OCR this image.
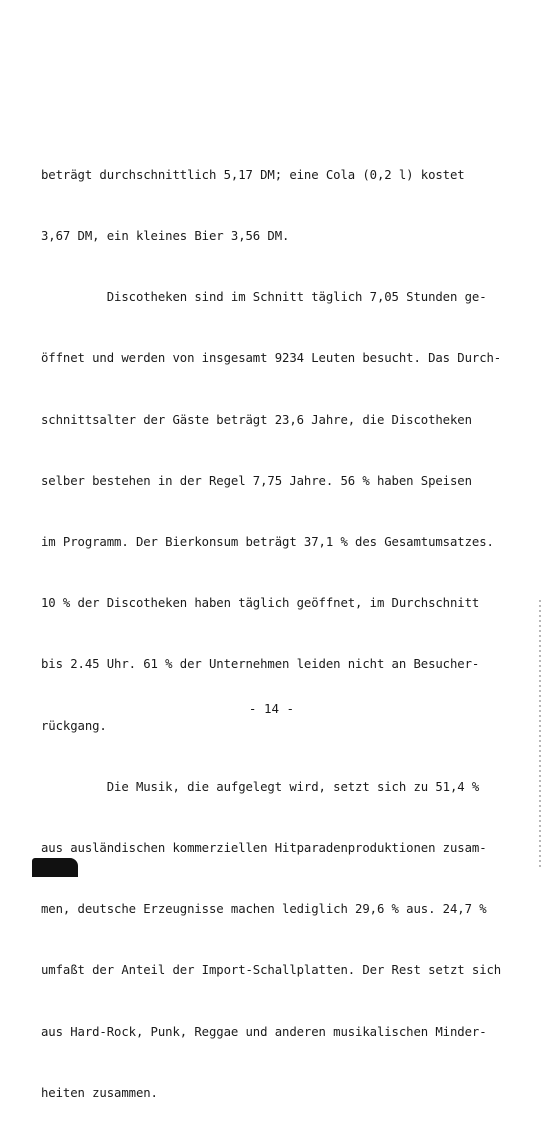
beträgt durchschnittlich 5,17 DM; eine Cola (0,2 l) kostet

3,67 DM, ein kleines Bier 3,56 DM.

Discotheken sind im Schnitt täglich 7,05 Stunden ge-

öffnet und werden von insgesamt 9234 Leuten besucht. Das Durch-

schnittsalter der Gäste beträgt 23,6 Jahre, die Discotheken

selber bestehen in der Regel 7,75 Jahre. 56 % haben Speisen

im Programm. Der Bierkonsum beträgt 37,1 % des Gesamtumsatzes.

10 % der Discotheken haben täglich geöffnet, im Durchschnitt

bis 2.45 Uhr. 61 % der Unternehmen leiden nicht an Besucher-

rückgang.

Die Musik, die aufgelegt wird, setzt sich zu 51,4 %

aus ausländischen kommerziellen Hitparadenproduktionen zusam-

men, deutsche Erzeugnisse machen lediglich 29,6 % aus. 24,7 %

umfaßt der Anteil der Import-Schallplatten. Der Rest setzt sich

aus Hard-Rock, Punk, Reggae und anderen musikalischen Minder-

heiten zusammen.

- 14 -
